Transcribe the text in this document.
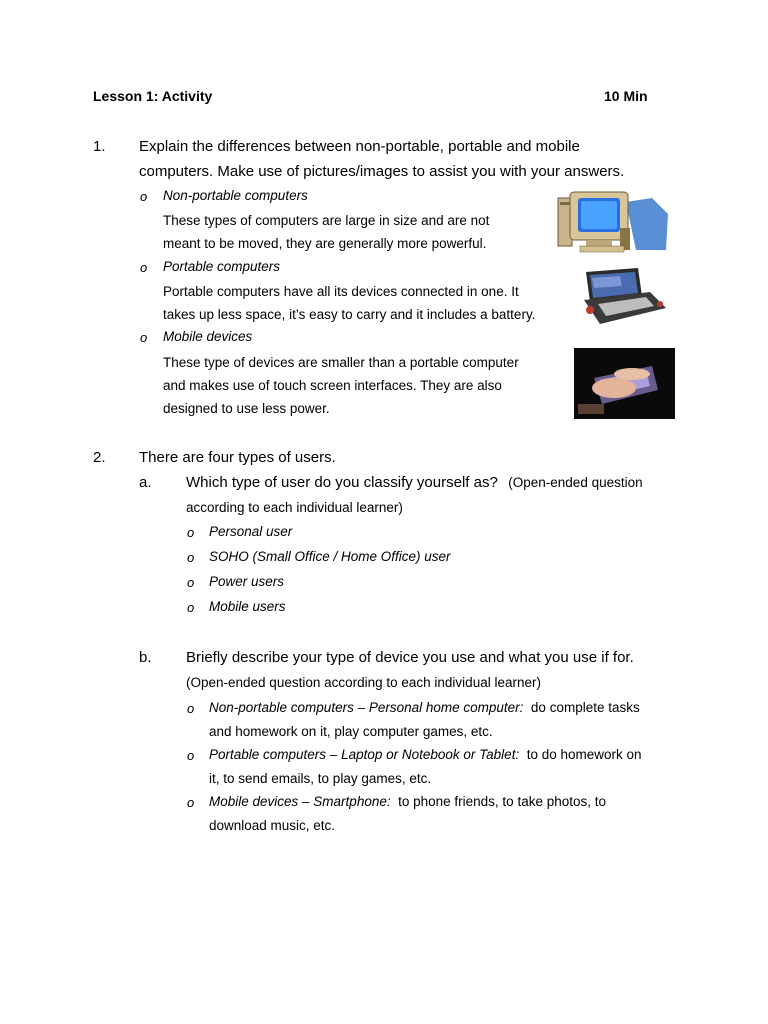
Lesson 1: Activity	10 Min
1. Explain the differences between non-portable, portable and mobile
computers. Make use of pictures/images to assist you with your answers.
o Non-portable computers
These types of computers are large in size and are not
meant to be moved, they are generally more powerful.
o Portable computers
Portable computers have all its devices connected in one. It
takes up less space, it’s easy to carry and it includes a battery.
o Mobile devices
These type of devices are smaller than a portable computer
and makes use of touch screen interfaces. They are also
designed to use less power.
2. There are four types of users.
a. Which type of user do you classify yourself as? (Open-ended question
according to each individual learner)
o Personal user
o SOHO (Small Office / Home Office) user
o Power users
o Mobile users
b. Briefly describe your type of device you use and what you use if for.
(Open-ended question according to each individual learner)
o Non-portable computers – Personal home computer:  do complete tasks
and homework on it, play computer games, etc.
o Portable computers – Laptop or Notebook or Tablet:  to do homework on
it, to send emails, to play games, etc.
o Mobile devices – Smartphone:  to phone friends, to take photos, to
download music, etc.
